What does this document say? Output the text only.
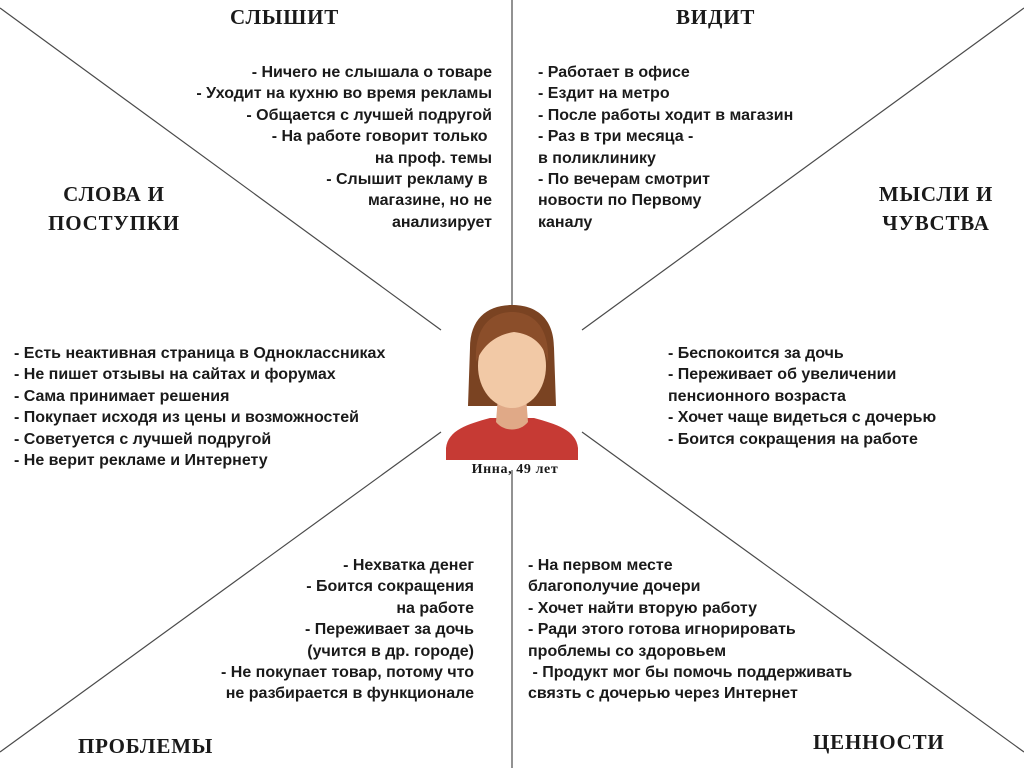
СЛЫШИТ
- Ничего не слышала о товаре
- Уходит на кухню во время рекламы
- Общается с лучшей подругой
- На работе говорит только
на проф. темы
- Слышит рекламу в
магазине, но не
анализирует
ВИДИТ
- Работает в офисе
- Ездит на метро
- После работы ходит в магазин
- Раз в три месяца -
в поликлинику
- По вечерам смотрит
новости по Первому
каналу
СЛОВА И
ПОСТУПКИ
- Есть неактивная страница в Одноклассниках
- Не пишет отзывы на сайтах и форумах
- Сама принимает решения
- Покупает исходя из цены и возможностей
- Советуется с лучшей подругой
- Не верит рекламе и Интернету
МЫСЛИ И
ЧУВСТВА
- Беспокоится за дочь
- Переживает об увеличении
пенсионного возраста
- Хочет чаще видеться с дочерью
- Боится сокращения на работе
- Нехватка денег
- Боится сокращения
на работе
- Переживает за дочь
(учится в др. городе)
- Не покупает товар, потому что
не разбирается в функционале
ПРОБЛЕМЫ
- На первом месте
благополучие дочери
- Хочет найти вторую работу
- Ради этого готова игнорировать
проблемы со здоровьем
- Продукт мог бы помочь поддерживать
связть с дочерью через Интернет
ЦЕННОСТИ
Инна, 49 лет
